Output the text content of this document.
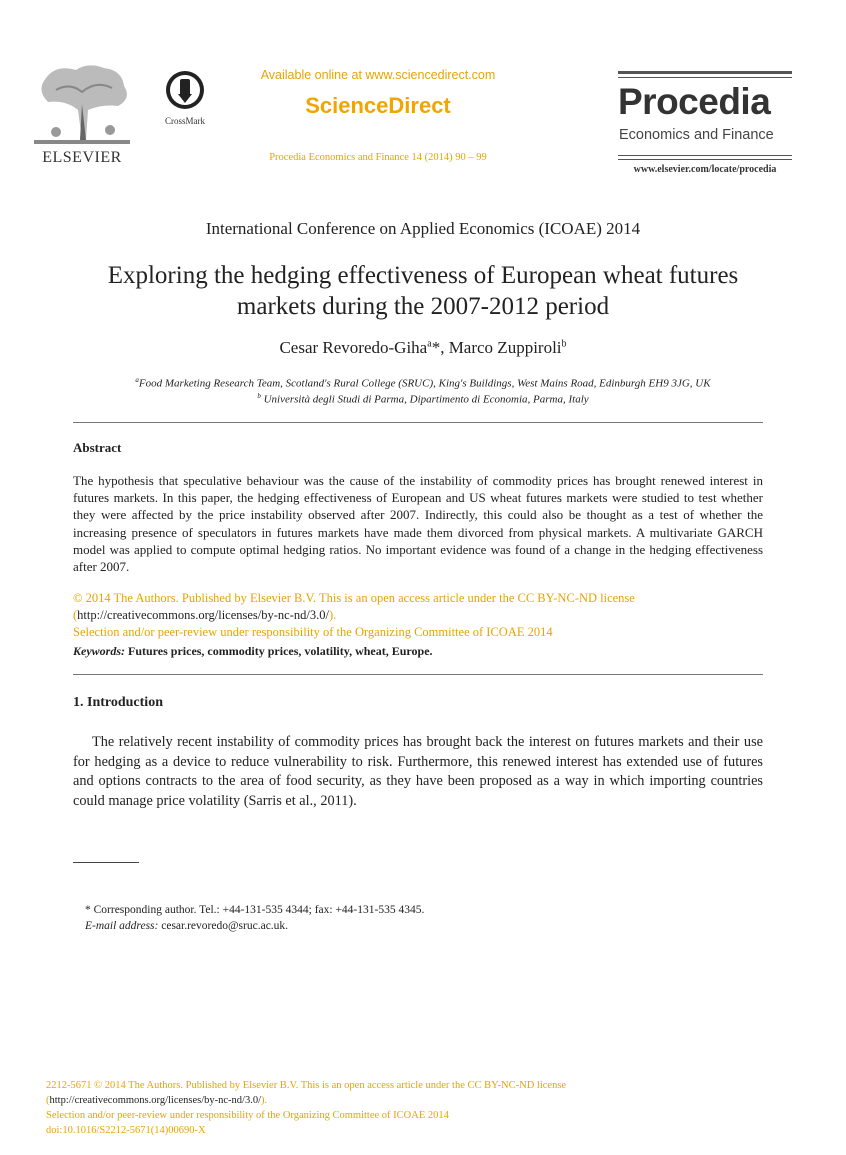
ELSEVIER
CrossMark
Available online at www.sciencedirect.com
ScienceDirect
Procedia Economics and Finance 14 (2014) 90 – 99
Procedia
Economics and Finance
www.elsevier.com/locate/procedia
International Conference on Applied Economics (ICOAE) 2014
Exploring the hedging effectiveness of European wheat futures
markets during the 2007-2012 period
Cesar Revoredo-Giha$^a$*, Marco Zuppiroli$^b$
$^a$Food Marketing Research Team, Scotland's Rural College (SRUC), King's Buildings, West Mains Road, Edinburgh EH9 3JG, UK
$^b$ Università degli Studi di Parma, Dipartimento di Economia, Parma, Italy
Abstract
The hypothesis that speculative behaviour was the cause of the instability of commodity prices has brought renewed interest in futures markets. In this paper, the hedging effectiveness of European and US wheat futures markets were studied to test whether they were affected by the price instability observed after 2007. Indirectly, this could also be thought as a test of whether the increasing presence of speculators in futures markets have made them divorced from physical markets. A multivariate GARCH model was applied to compute optimal hedging ratios. No important evidence was found of a change in the hedging effectiveness after 2007.
© 2014 The Authors. Published by Elsevier B.V. This is an open access article under the CC BY-NC-ND license
(http://creativecommons.org/licenses/by-nc-nd/3.0/).
Selection and/or peer-review under responsibility of the Organizing Committee of ICOAE 2014
Keywords: Futures prices, commodity prices, volatility, wheat, Europe.
1. Introduction
The relatively recent instability of commodity prices has brought back the interest on futures markets and their use for hedging as a device to reduce vulnerability to risk. Furthermore, this renewed interest has extended use of futures and options contracts to the area of food security, as they have been proposed as a way in which importing countries could manage price volatility (Sarris et al., 2011).
* Corresponding author. Tel.: +44-131-535 4344; fax: +44-131-535 4345.
E-mail address: cesar.revoredo@sruc.ac.uk.
2212-5671 © 2014 The Authors. Published by Elsevier B.V. This is an open access article under the CC BY-NC-ND license
(http://creativecommons.org/licenses/by-nc-nd/3.0/).
Selection and/or peer-review under responsibility of the Organizing Committee of ICOAE 2014
doi:10.1016/S2212-5671(14)00690-X
